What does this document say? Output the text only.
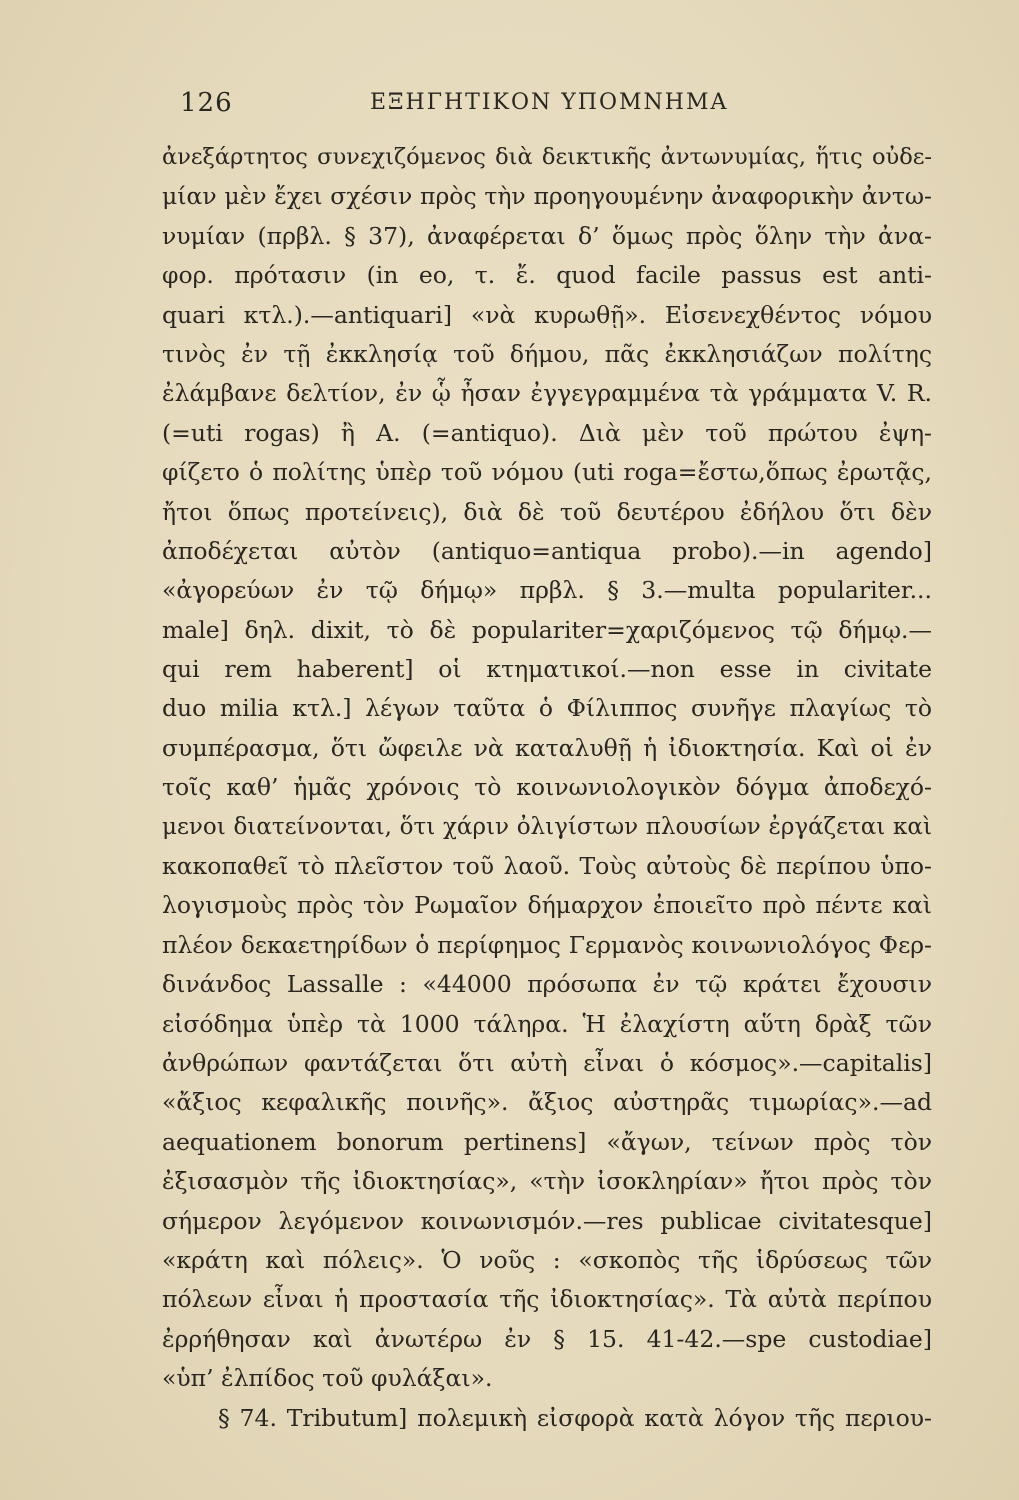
126	ΕΞΗΓΗΤΙΚΟΝ ΥΠΟΜΝΗΜΑ
ἀνεξάρτητος συνεχιζόμενος διὰ δεικτικῆς ἀντωνυμίας, ἥτις οὐδε-
μίαν μὲν ἔχει σχέσιν πρὸς τὴν προηγουμένην ἀναφορικὴν ἀντω-
νυμίαν (πρβλ. § 37), ἀναφέρεται δ’ ὅμως πρὸς ὅλην τὴν ἀνα-
φορ. πρότασιν (in eo, τ. ἔ. quod facile passus est anti-
quari κτλ.).—antiquari] «νὰ κυρωθῇ». Εἰσενεχθέντος νόμου
τινὸς ἐν τῇ ἐκκλησίᾳ τοῦ δήμου, πᾶς ἐκκλησιάζων πολίτης
ἐλάμβανε δελτίον, ἐν ᾧ ἦσαν ἐγγεγραμμένα τὰ γράμματα V. R.
(=uti rogas) ἢ A. (=antiquo). Διὰ μὲν τοῦ πρώτου ἐψη-
φίζετο ὁ πολίτης ὑπὲρ τοῦ νόμου (uti roga=ἔστω,ὅπως ἐρωτᾷς,
ἤτοι ὅπως προτείνεις), διὰ δὲ τοῦ δευτέρου ἐδήλου ὅτι δὲν
ἀποδέχεται αὐτὸν (antiquo=antiqua probo).—in agendo]
«ἀγορεύων ἐν τῷ δήμῳ» πρβλ. § 3.—multa populariter...
male] δηλ. dixit, τὸ δὲ populariter=χαριζόμενος τῷ δήμῳ.—
qui rem haberent] οἱ κτηματικοί.—non esse in civitate
duo milia κτλ.] λέγων ταῦτα ὁ Φίλιππος συνῆγε πλαγίως τὸ
συμπέρασμα, ὅτι ὤφειλε νὰ καταλυθῇ ἡ ἰδιοκτησία. Καὶ οἱ ἐν
τοῖς καθ’ ἡμᾶς χρόνοις τὸ κοινωνιολογικὸν δόγμα ἀποδεχό-
μενοι διατείνονται, ὅτι χάριν ὀλιγίστων πλουσίων ἐργάζεται καὶ
κακοπαθεῖ τὸ πλεῖστον τοῦ λαοῦ. Τοὺς αὐτοὺς δὲ περίπου ὑπο-
λογισμοὺς πρὸς τὸν Ρωμαῖον δήμαρχον ἐποιεῖτο πρὸ πέντε καὶ
πλέον δεκαετηρίδων ὁ περίφημος Γερμανὸς κοινωνιολόγος Φερ-
δινάνδος Lassalle : «44000 πρόσωπα ἐν τῷ κράτει ἔχουσιν
εἰσόδημα ὑπὲρ τὰ 1000 τάληρα. Ἡ ἐλαχίστη αὕτη δρὰξ τῶν
ἀνθρώπων φαντάζεται ὅτι αὐτὴ εἶναι ὁ κόσμος».—capitalis]
«ἄξιος κεφαλικῆς ποινῆς». ἄξιος αὐστηρᾶς τιμωρίας».—ad
aequationem bonorum pertinens] «ἄγων, τείνων πρὸς τὸν
ἐξισασμὸν τῆς ἰδιοκτησίας», «τὴν ἰσοκληρίαν» ἤτοι πρὸς τὸν
σήμερον λεγόμενον κοινωνισμόν.—res publicae civitatesque]
«κράτη καὶ πόλεις». Ὁ νοῦς : «σκοπὸς τῆς ἱδρύσεως τῶν
πόλεων εἶναι ἡ προστασία τῆς ἰδιοκτησίας». Τὰ αὐτὰ περίπου
ἐρρήθησαν καὶ ἀνωτέρω ἐν § 15. 41-42.—spe custodiae]
«ὑπ’ ἐλπίδος τοῦ φυλάξαι».
§ 74. Tributum] πολεμικὴ εἰσφορὰ κατὰ λόγον τῆς περιου-
